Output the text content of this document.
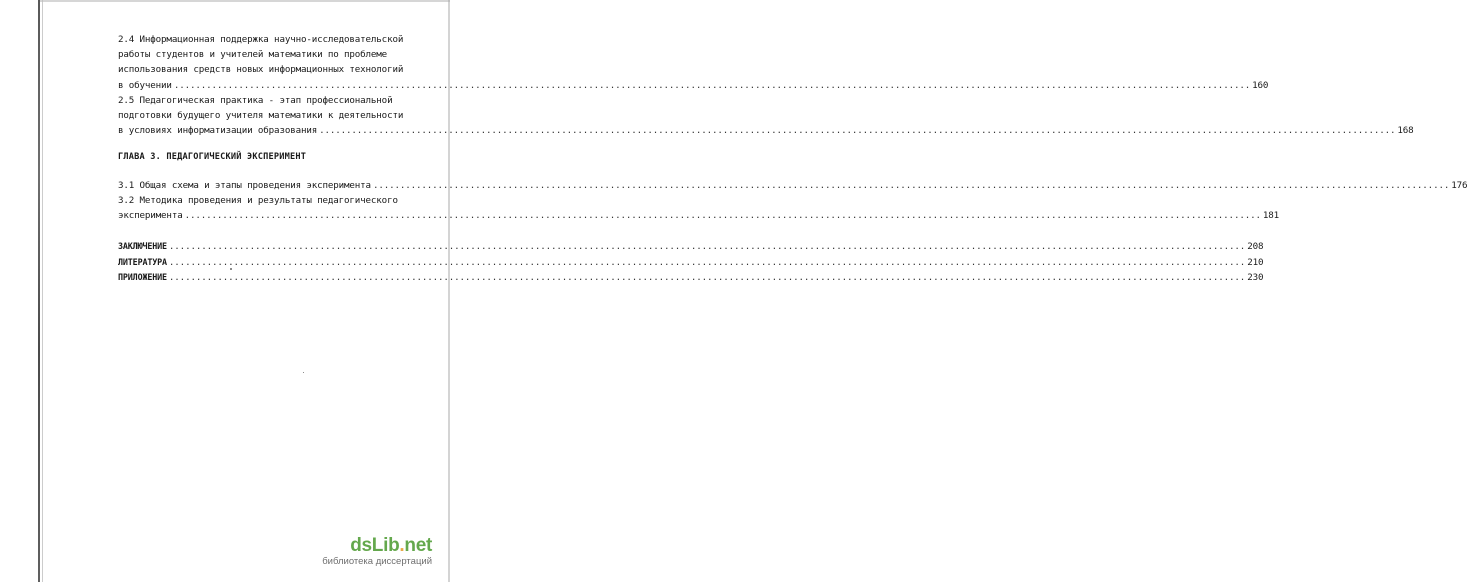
2.4 Информационная поддержка научно-исследовательской
работы студентов и учителей математики по проблеме
использования средств новых информационных технологий
в обучении ........................................................................................................................................................................................................ 160
2.5 Педагогическая практика - этап профессиональной
подготовки будущего учителя математики к деятельности
в условиях информатизации образования ........................................................................................................................................................................................................ 168
ГЛАВА 3. ПЕДАГОГИЧЕСКИЙ ЭКСПЕРИМЕНТ
3.1 Общая схема и этапы проведения эксперимента ........................................................................................................................................................................................................ 176
3.2 Методика проведения и результаты педагогического
эксперимента ........................................................................................................................................................................................................ 181
ЗАКЛЮЧЕНИЕ ........................................................................................................................................................................................................ 208
ЛИТЕРАТУРА ........................................................................................................................................................................................................ 210
ПРИЛОЖЕНИЕ ........................................................................................................................................................................................................ 230
dsLib.net
библиотека диссертаций
